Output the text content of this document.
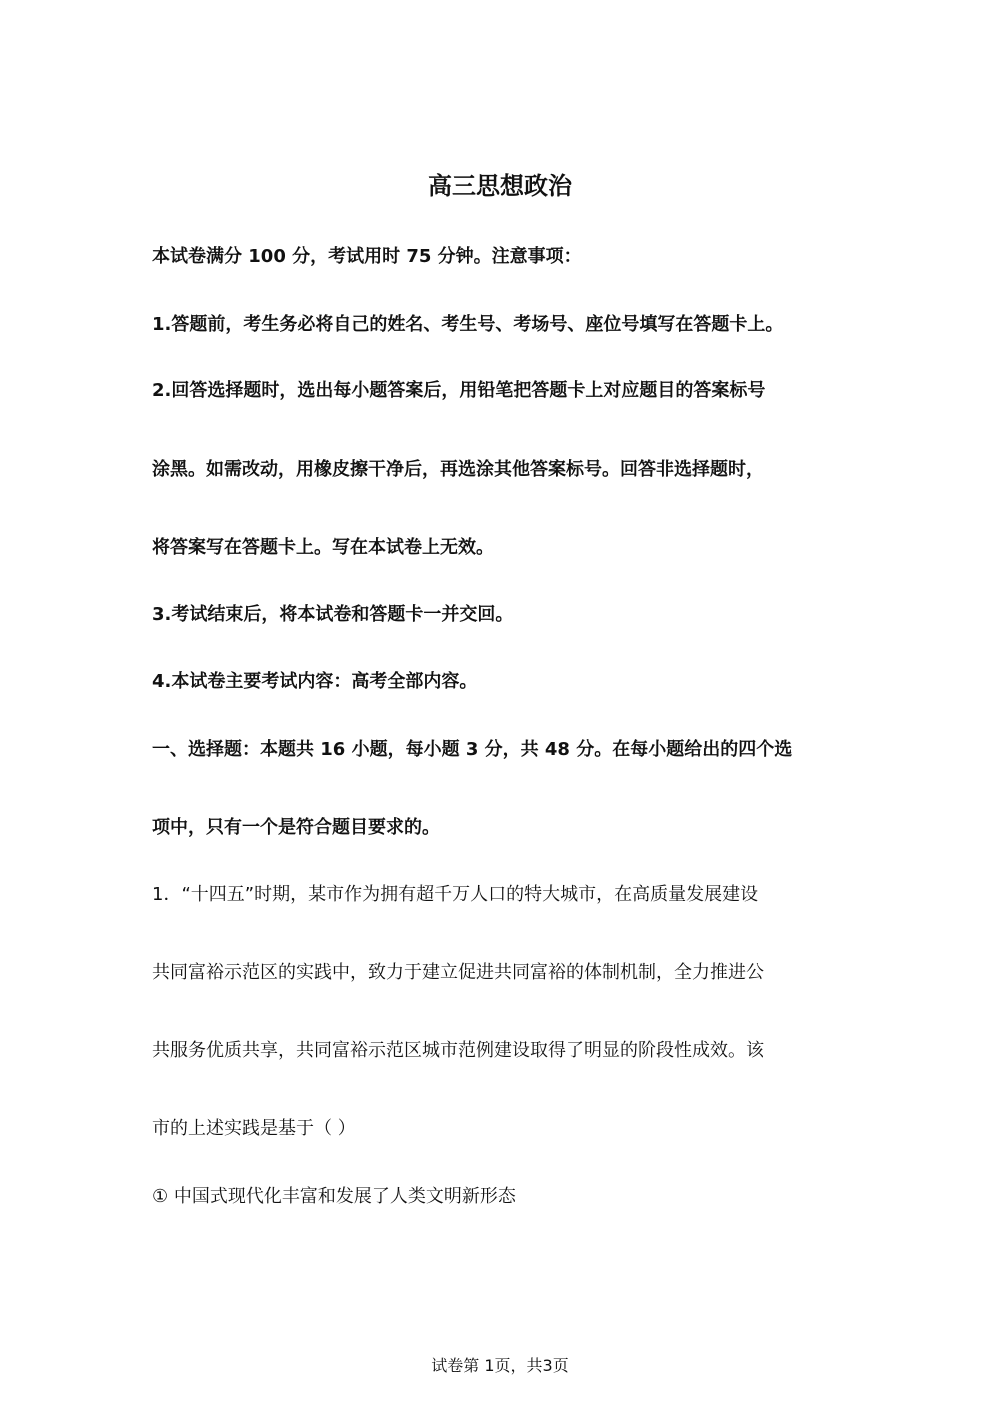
高三思想政治
本试卷满分 100 分，考试用时 75 分钟。注意事项：
1.答题前，考生务必将自己的姓名、考生号、考场号、座位号填写在答题卡上。
2.回答选择题时，选出每小题答案后，用铅笔把答题卡上对应题目的答案标号
涂黑。如需改动，用橡皮擦干净后，再选涂其他答案标号。回答非选择题时，
将答案写在答题卡上。写在本试卷上无效。
3.考试结束后，将本试卷和答题卡一并交回。
4.本试卷主要考试内容：高考全部内容。
一、选择题：本题共 16 小题，每小题 3 分，共 48 分。在每小题给出的四个选
项中，只有一个是符合题目要求的。
1．“十四五”时期，某市作为拥有超千万人口的特大城市，在高质量发展建设
共同富裕示范区的实践中，致力于建立促进共同富裕的体制机制，全力推进公
共服务优质共享，共同富裕示范区城市范例建设取得了明显的阶段性成效。该
市的上述实践是基于（ ）
① 中国式现代化丰富和发展了人类文明新形态
试卷第 1页，共3页
